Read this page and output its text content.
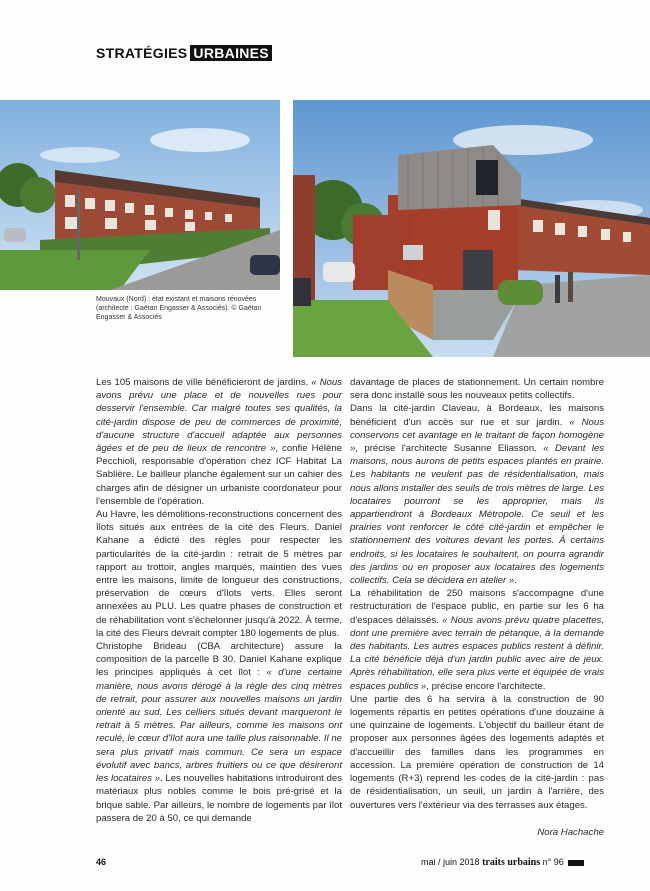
STRATÉGIES URBAINES
Mouvaux (Nord) : état existant et maisons rénovées (architecte : Gaëtan Engasser & Associés). © Gaëtan Engasser & Associés

Les 105 maisons de ville bénéficieront de jardins. « Nous avons prévu une place et de nouvelles rues pour desservir l'ensemble. Car malgré toutes ses qualités, la cité-jardin dispose de peu de commerces de proximité, d'aucune structure d'accueil adaptée aux personnes âgées et de peu de lieux de rencontre », confie Hélène Pecchioli, responsable d'opération chez ICF Habitat La Sablière. Le bailleur planche également sur un cahier des charges afin de désigner un urbaniste coordonateur pour l'ensemble de l'opération.

Au Havre, les démolitions-reconstructions concernent des îlots situés aux entrées de la cité des Fleurs. Daniel Kahane a édicté des règles pour respecter les particularités de la cité-jardin : retrait de 5 mètres par rapport au trottoir, angles marqués, maintien des vues entre les maisons, limite de longueur des constructions, préservation de cœurs d'îlots verts. Elles seront annexées au PLU. Les quatre phases de construction et de réhabilitation vont s'échelonner jusqu'à 2022. À terme, la cité des Fleurs devrait compter 180 logements de plus.

Christophe Brideau (CBA architecture) assure la composition de la parcelle B 30. Daniel Kahane explique les principes appliqués à cet îlot : « d'une certaine manière, nous avons dérogé à la règle des cinq mètres de retrait, pour assurer aux nouvelles maisons un jardin orienté au sud. Les celliers situés devant marqueront le retrait à 5 mètres. Par ailleurs, comme les maisons ont reculé, le cœur d'îlot aura une taille plus raisonnable. Il ne sera plus privatif mais commun. Ce sera un espace évolutif avec bancs, arbres fruitiers ou ce que désireront les locataires ». Les nouvelles habitations introduiront des matériaux plus nobles comme le bois pré-grisé et la brique sable. Par ailleurs, le nombre de logements par îlot passera de 20 à 50, ce qui demande

davantage de places de stationnement. Un certain nombre sera donc installé sous les nouveaux petits collectifs.

Dans la cité-jardin Claveau, à Bordeaux, les maisons bénéficient d'un accès sur rue et sur jardin. « Nous conservons cet avantage en le traitant de façon homogène », précise l'architecte Susanne Eliasson. « Devant les maisons, nous aurons de petits espaces plantés en prairie. Les habitants ne veulent pas de résidentialisation, mais nous allons installer des seuils de trois mètres de large. Les locataires pourront se les approprier, mais ils appartiendront à Bordeaux Métropole. Ce seuil et les prairies vont renforcer le côté cité-jardin et empêcher le stationnement des voitures devant les portes. À certains endroits, si les locataires le souhaitent, on pourra agrandir des jardins ou en proposer aux locataires des logements collectifs. Cela se décidera en atelier ».

La réhabilitation de 250 maisons s'accompagne d'une restructuration de l'espace public, en partie sur les 6 ha d'espaces délaissés. « Nous avons prévu quatre placettes, dont une première avec terrain de pétanque, à la demande des habitants. Les autres espaces publics restent à définir. La cité bénéficie déjà d'un jardin public avec aire de jeux. Après réhabilitation, elle sera plus verte et équipée de vrais espaces publics », précise encore l'architecte.

Une partie des 6 ha servira à la construction de 90 logements répartis en petites opérations d'une douzaine à une quinzaine de logements. L'objectif du bailleur étant de proposer aux personnes âgées des logements adaptés et d'accueillir des familles dans les programmes en accession. La première opération de construction de 14 logements (R+3) reprend les codes de la cité-jardin : pas de résidentialisation, un seuil, un jardin à l'arrière, des ouvertures vers l'extérieur via des terrasses aux étages.

Nora Hachache

46	mai / juin 2018 traits urbains n° 96
